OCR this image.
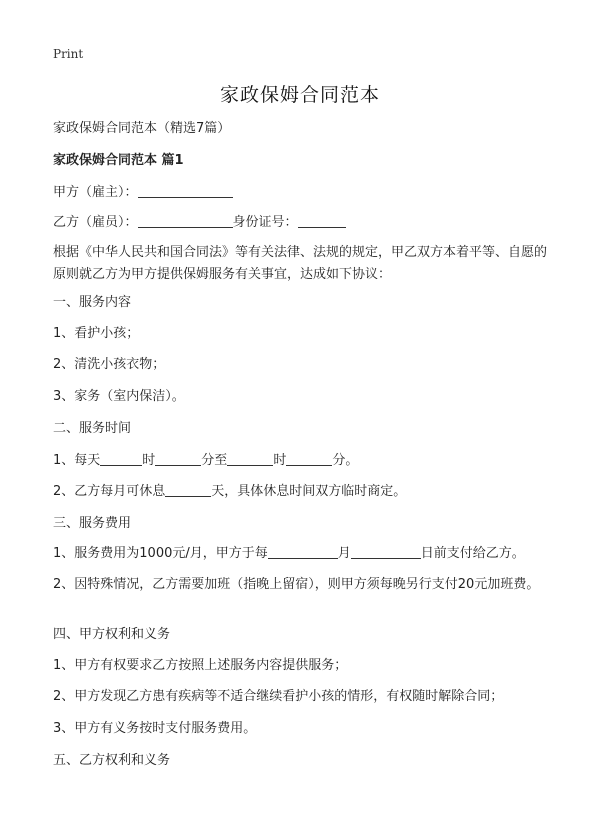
Print
家政保姆合同范本
家政保姆合同范本（精选7篇）
家政保姆合同范本 篇1
甲方（雇主）：
乙方（雇员）：	身份证号：
根据《中华人民共和国合同法》等有关法律、法规的规定，甲乙双方本着平等、自愿的原则就乙方为甲方提供保姆服务有关事宜，达成如下协议：
一、服务内容
1、看护小孩；
2、清洗小孩衣物；
3、家务（室内保洁）。
二、服务时间
1、每天	时	分至	时	分。
2、乙方每月可休息	天，具体休息时间双方临时商定。
三、服务费用
1、服务费用为1000元/月，甲方于每	月	日前支付给乙方。
2、因特殊情况，乙方需要加班（指晚上留宿），则甲方须每晚另行支付20元加班费。
四、甲方权利和义务
1、甲方有权要求乙方按照上述服务内容提供服务；
2、甲方发现乙方患有疾病等不适合继续看护小孩的情形，有权随时解除合同；
3、甲方有义务按时支付服务费用。
五、乙方权利和义务
